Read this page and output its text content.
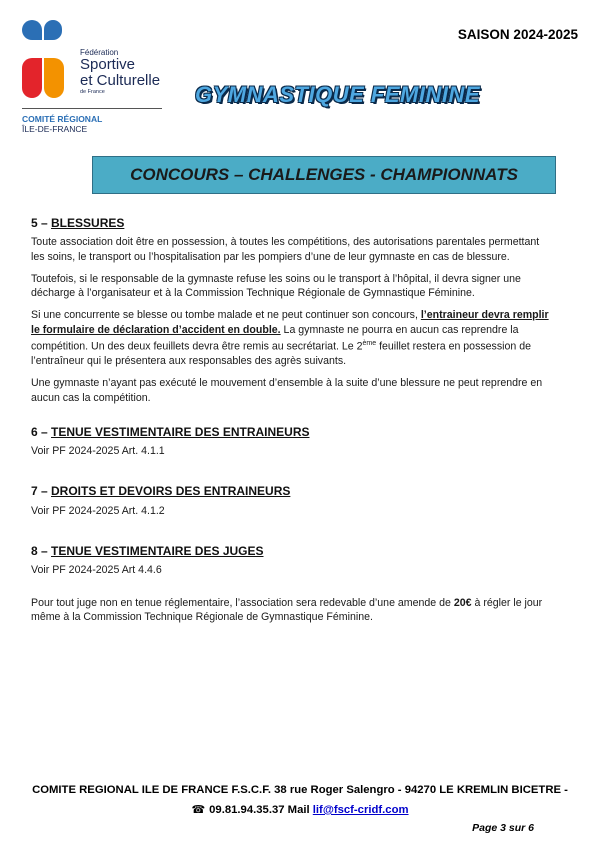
Fédération
Sportive
et Culturelle
de France
COMITÉ RÉGIONAL
ÎLE-DE-FRANCE
SAISON 2024-2025
GYMNASTIQUE FEMININE
CONCOURS – CHALLENGES - CHAMPIONNATS
5 – BLESSURES

Toute association doit être en possession, à toutes les compétitions, des autorisations parentales permettant les soins, le transport ou l’hospitalisation par les pompiers d’une de leur gymnaste en cas de blessure.

Toutefois, si le responsable de la gymnaste refuse les soins ou le transport à l’hôpital, il devra signer une décharge à l’organisateur et à la Commission Technique Régionale de Gymnastique Féminine.

Si une concurrente se blesse ou tombe malade et ne peut continuer son concours, l’entraineur devra remplir le formulaire de déclaration d’accident en double. La gymnaste ne pourra en aucun cas reprendre la compétition. Un des deux feuillets devra être remis au secrétariat. Le 2ème feuillet restera en possession de l’entraîneur qui le présentera aux responsables des agrès suivants.

Une gymnaste n’ayant pas exécuté le mouvement d’ensemble à la suite d’une blessure ne peut reprendre en aucun cas la compétition.

6 – TENUE VESTIMENTAIRE DES ENTRAINEURS

Voir PF 2024-2025 Art. 4.1.1

7 – DROITS ET DEVOIRS DES ENTRAINEURS

Voir PF 2024-2025 Art. 4.1.2

8 – TENUE VESTIMENTAIRE DES JUGES

Voir PF 2024-2025 Art 4.4.6

Pour tout juge non en tenue réglementaire, l’association sera redevable d’une amende de 20€ à régler le jour même à la Commission Technique Régionale de Gymnastique Féminine.

COMITE REGIONAL ILE DE FRANCE F.S.C.F. 38 rue Roger Salengro - 94270 LE KREMLIN BICETRE -
☎ 09.81.94.35.37 Mail lif@fscf-cridf.com
Page 3 sur 6
